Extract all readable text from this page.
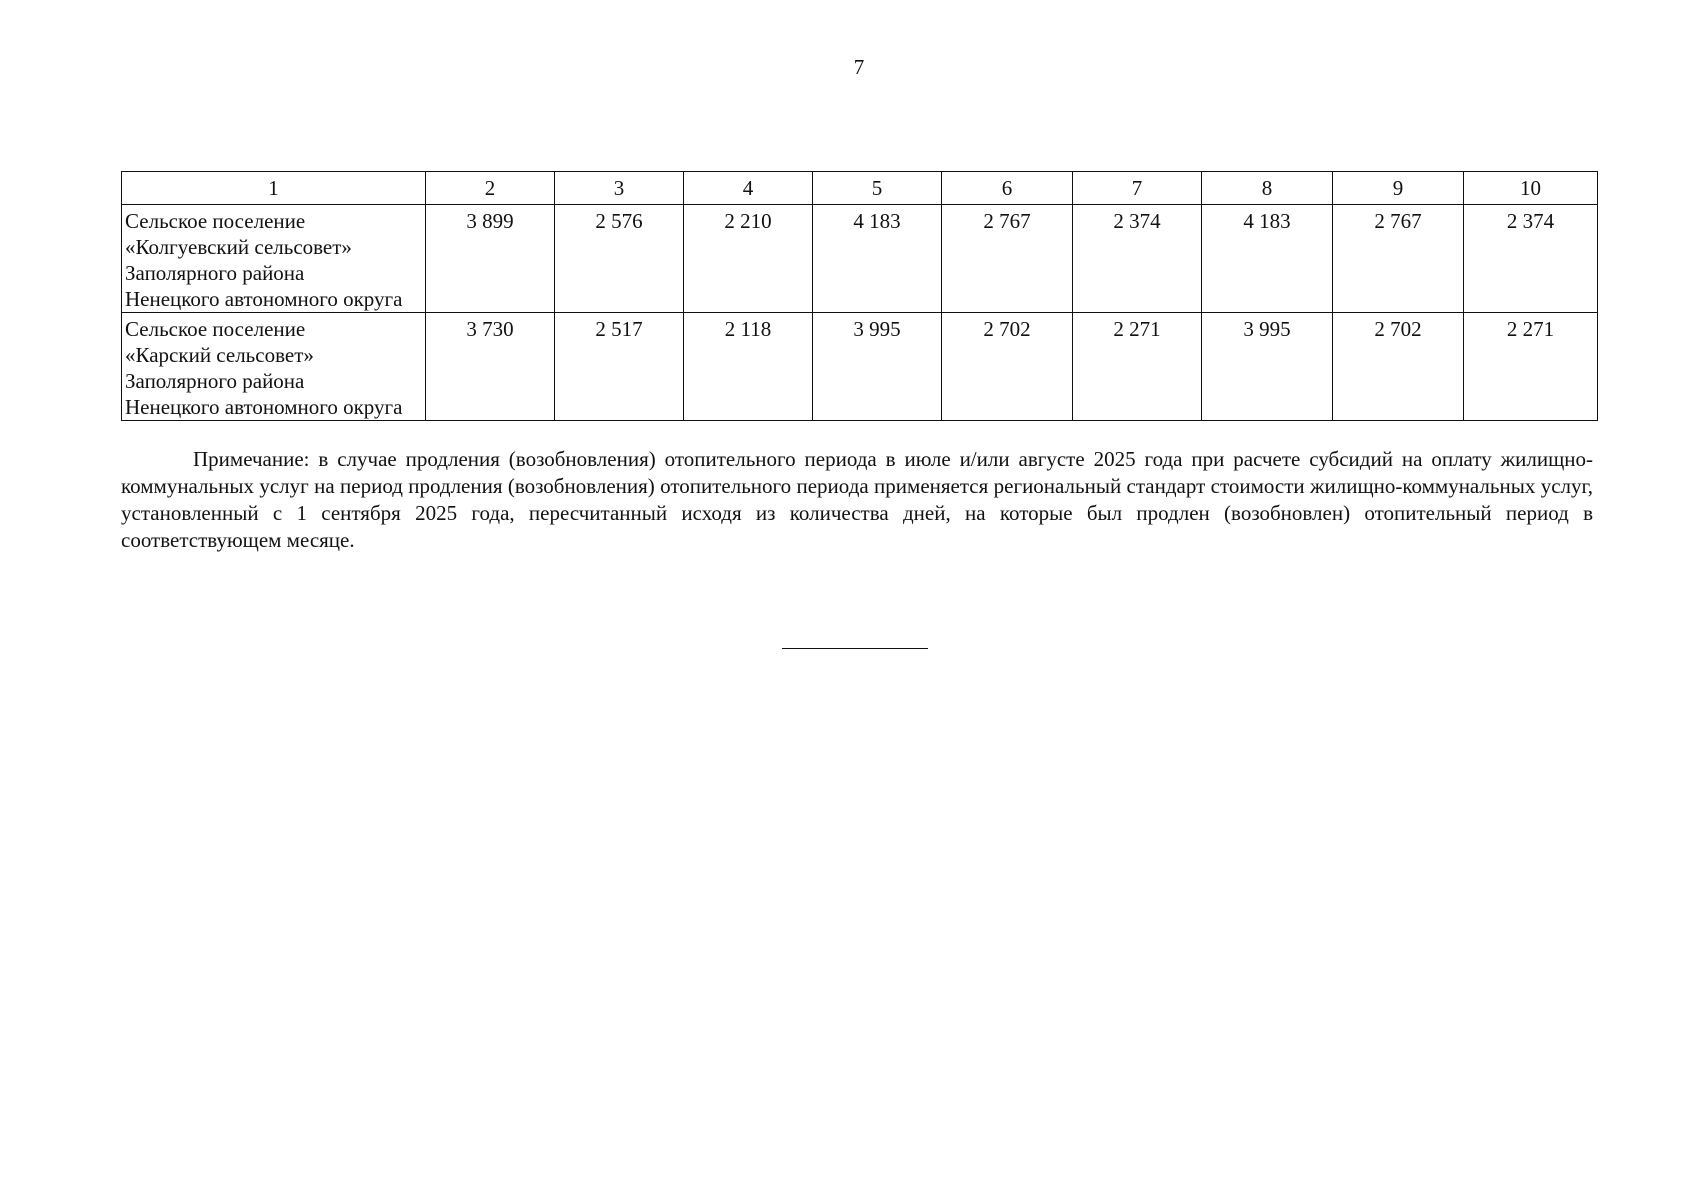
7
1	2	3	4	5	6	7	8	9	10

Сельское поселение
«Колгуевский сельсовет»
Заполярного района
Ненецкого автономного округа	3 899	2 576	2 210	4 183	2 767	2 374	4 183	2 767	2 374

Сельское поселение
«Карский сельсовет»
Заполярного района
Ненецкого автономного округа	3 730	2 517	2 118	3 995	2 702	2 271	3 995	2 702	2 271

Примечание: в случае продления (возобновления) отопительного периода в июле и/или августе 2025 года при расчете субсидий на оплату жилищно-коммунальных услуг на период продления (возобновления) отопительного периода применяется региональный стандарт стоимости жилищно-коммунальных услуг, установленный с 1 сентября 2025 года, пересчитанный исходя из количества дней, на которые был продлен (возобновлен) отопительный период в соответствующем месяце.
